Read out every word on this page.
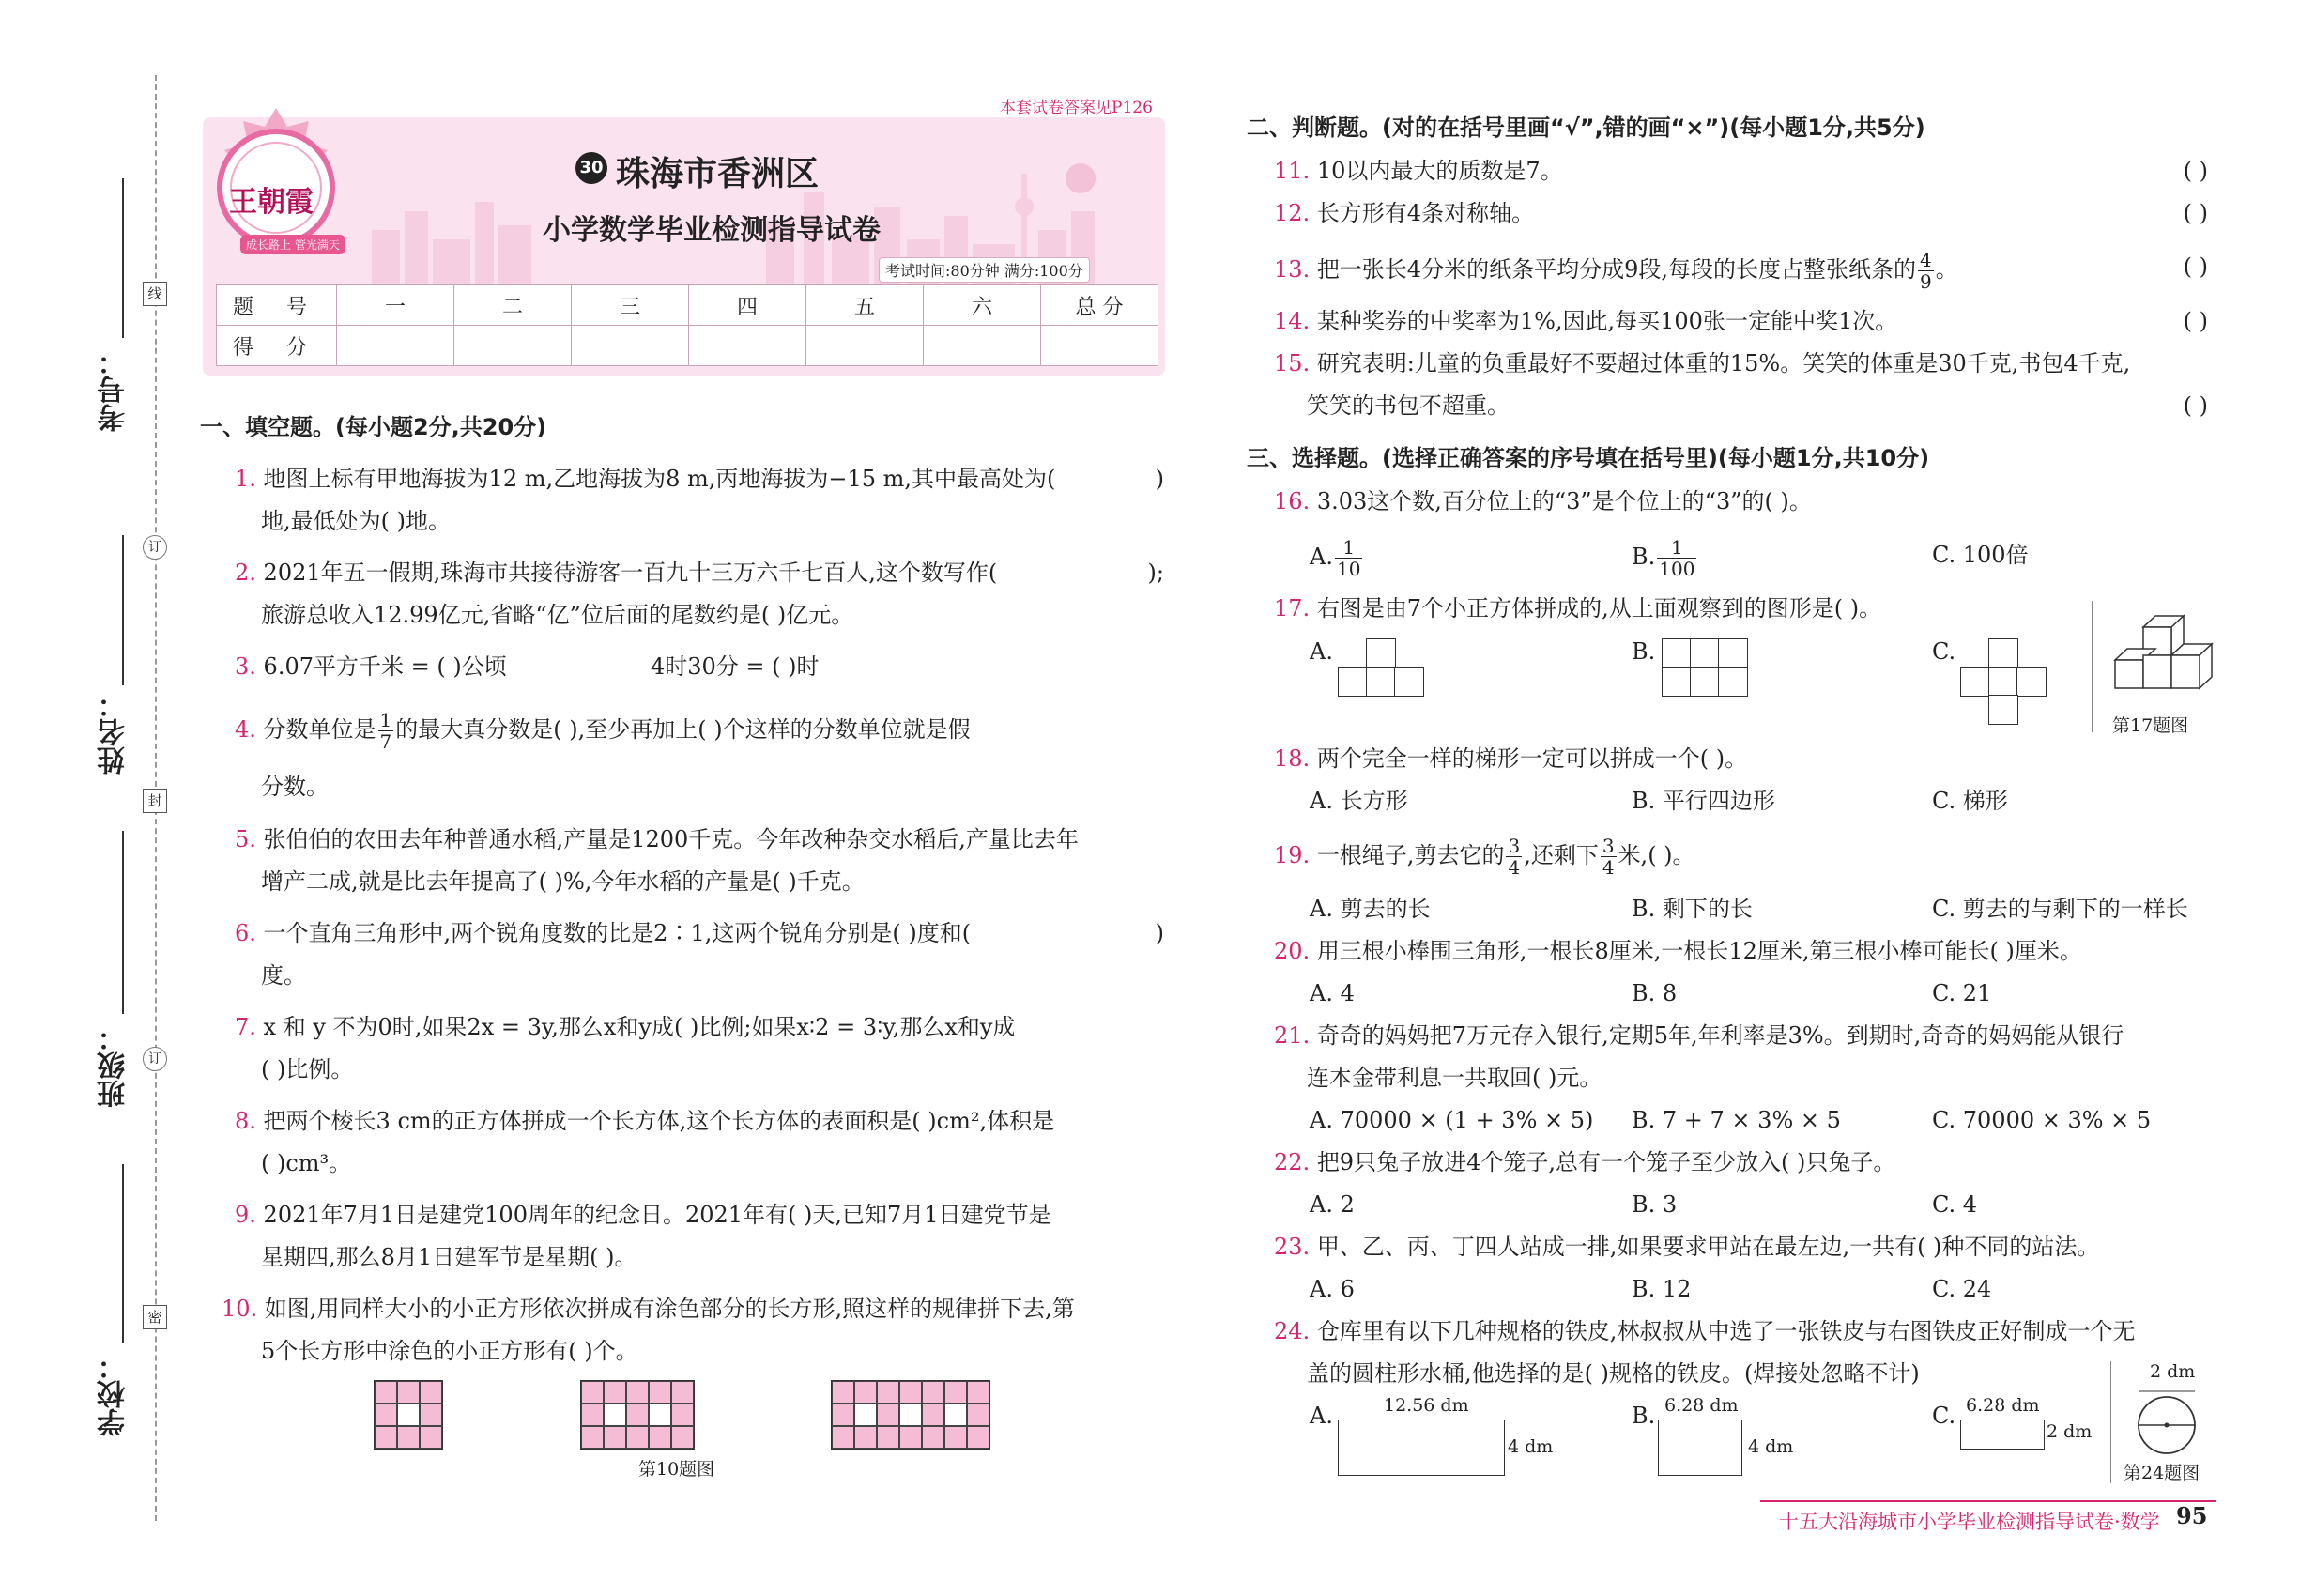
考号：
姓名：
班级：
学校：
线
订
封
订
密
本套试卷答案见P126
王朝霞
成长路上 管光满天
30 珠海市香洲区
小学数学毕业检测指导试卷
考试时间:80分钟 满分:100分
题 号	一	二	三	四	五	六	总 分
得 分							
一、填空题。(每小题2分,共20分)
1. 地图上标有甲地海拔为12 m,乙地海拔为8 m,丙地海拔为−15 m,其中最高处为(	)
地,最低处为( )地。
2. 2021年五一假期,珠海市共接待游客一百九十三万六千七百人,这个数写作(	);
旅游总收入12.99亿元,省略“亿”位后面的尾数约是( )亿元。
3. 6.07平方千米 = ( )公顷	4时30分 = ( )时
4. 分数单位是 $\frac{1}{7}$ 的最大真分数是( ),至少再加上( )个这样的分数单位就是假
分数。
5. 张伯伯的农田去年种普通水稻,产量是1200千克。今年改种杂交水稻后,产量比去年
增产二成,就是比去年提高了( )%,今年水稻的产量是( )千克。
6. 一个直角三角形中,两个锐角度数的比是2∶1,这两个锐角分别是( )度和(	)
度。
7. x 和 y 不为0时,如果2x = 3y,那么x和y成( )比例;如果x∶2 = 3∶y,那么x和y成
( )比例。
8. 把两个棱长3 cm的正方体拼成一个长方体,这个长方体的表面积是( )cm²,体积是
( )cm³。
9. 2021年7月1日是建党100周年的纪念日。2021年有( )天,已知7月1日建党节是
星期四,那么8月1日建军节是星期( )。
10. 如图,用同样大小的小正方形依次拼成有涂色部分的长方形,照这样的规律拼下去,第
5个长方形中涂色的小正方形有( )个。
第10题图
二、判断题。(对的在括号里画“√”,错的画“×”)(每小题1分,共5分)
11. 10以内最大的质数是7。	( )
12. 长方形有4条对称轴。	( )
13. 把一张长4分米的纸条平均分成9段,每段的长度占整张纸条的 $\frac{4}{9}$ 。	( )
14. 某种奖券的中奖率为1%,因此,每买100张一定能中奖1次。	( )
15. 研究表明:儿童的负重最好不要超过体重的15%。笑笑的体重是30千克,书包4千克,
笑笑的书包不超重。	( )
三、选择题。(选择正确答案的序号填在括号里)(每小题1分,共10分)
16. 3.03这个数,百分位上的“3”是个位上的“3”的( )。
A. $\frac{1}{10}$	B. $\frac{1}{100}$	C. 100倍
17. 右图是由7个小正方体拼成的,从上面观察到的图形是( )。
A.	B.	C.
第17题图
18. 两个完全一样的梯形一定可以拼成一个( )。
A. 长方形	B. 平行四边形	C. 梯形
19. 一根绳子,剪去它的 $\frac{3}{4}$ ,还剩下 $\frac{3}{4}$ 米,( )。
A. 剪去的长	B. 剩下的长	C. 剪去的与剩下的一样长
20. 用三根小棒围三角形,一根长8厘米,一根长12厘米,第三根小棒可能长( )厘米。
A. 4	B. 8	C. 21
21. 奇奇的妈妈把7万元存入银行,定期5年,年利率是3%。到期时,奇奇的妈妈能从银行
连本金带利息一共取回( )元。
A. 70000 × (1 + 3% × 5) B. 7 + 7 × 3% × 5	C. 70000 × 3% × 5
22. 把9只兔子放进4个笼子,总有一个笼子至少放入( )只兔子。
A. 2	B. 3	C. 4
23. 甲、乙、丙、丁四人站成一排,如果要求甲站在最左边,一共有( )种不同的站法。
A. 6	B. 12	C. 24
24. 仓库里有以下几种规格的铁皮,林叔叔从中选了一张铁皮与右图铁皮正好制成一个无
盖的圆柱形水桶,他选择的是( )规格的铁皮。(焊接处忽略不计)
A.	12.56 dm
4 dm
B. 6.28 dm
4 dm
C. 6.28 dm
2 dm
2 dm
第24题图
十五大沿海城市小学毕业检测指导试卷·数学 95
